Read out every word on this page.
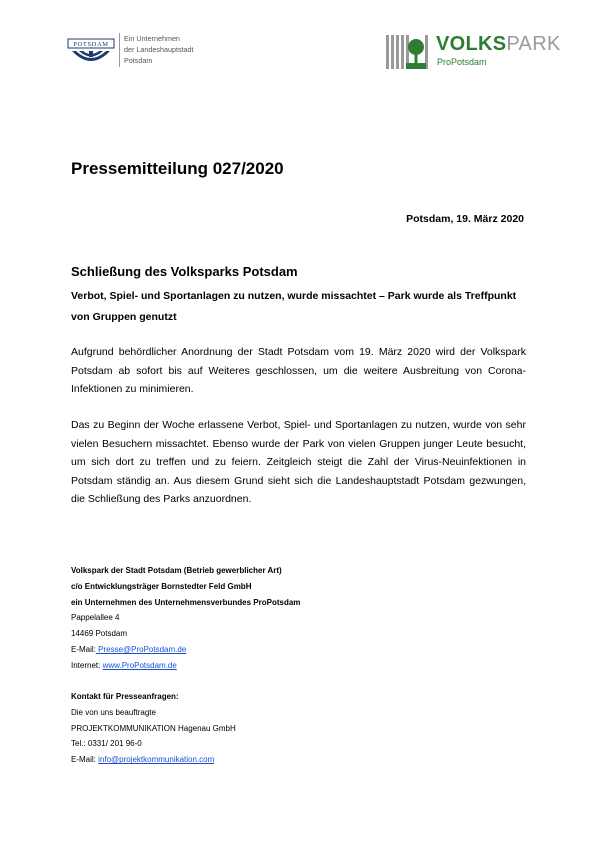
POTSDAM
Ein Unternehmen
der Landeshauptstadt
Potsdam
VOLKSPARK
ProPotsdam
Pressemitteilung 027/2020
Potsdam, 19. März 2020
Schließung des Volksparks Potsdam
Verbot, Spiel- und Sportanlagen zu nutzen, wurde missachtet – Park wurde als Treffpunkt von Gruppen genutzt
Aufgrund behördlicher Anordnung der Stadt Potsdam vom 19. März 2020 wird der Volkspark Potsdam ab sofort bis auf Weiteres geschlossen, um die weitere Ausbreitung von Corona-Infektionen zu minimieren.
Das zu Beginn der Woche erlassene Verbot, Spiel- und Sportanlagen zu nutzen, wurde von sehr vielen Besuchern missachtet. Ebenso wurde der Park von vielen Gruppen junger Leute besucht, um sich dort zu treffen und zu feiern. Zeitgleich steigt die Zahl der Virus-Neuinfektionen in Potsdam ständig an. Aus diesem Grund sieht sich die Landeshauptstadt Potsdam gezwungen, die Schließung des Parks anzuordnen.
Volkspark der Stadt Potsdam (Betrieb gewerblicher Art)
c/o Entwicklungsträger Bornstedter Feld GmbH
ein Unternehmen des Unternehmensverbundes ProPotsdam
Pappelallee 4
14469 Potsdam
E-Mail: Presse@ProPotsdam.de
Internet: www.ProPotsdam.de
Kontakt für Presseanfragen:
Die von uns beauftragte
PROJEKTKOMMUNIKATION Hagenau GmbH
Tel.: 0331/ 201 96-0
E-Mail: info@projektkommunikation.com
